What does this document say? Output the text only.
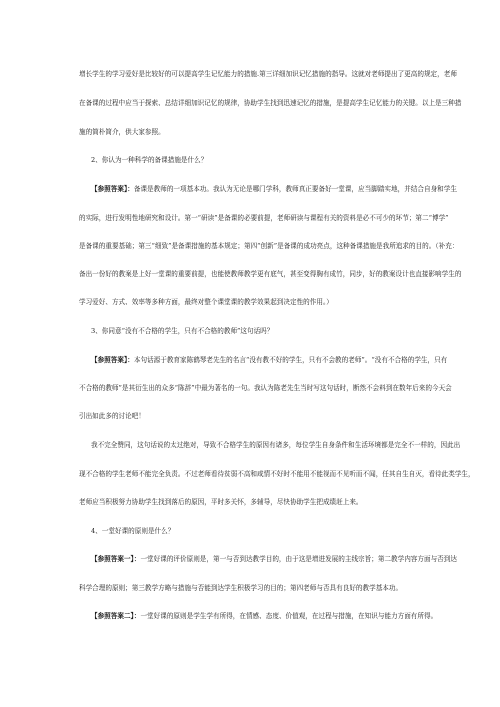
增长学生的学习爱好是比较好的可以提高学生记忆能力的措施.第三详细加识记忆措施的指导。这就对老师提出了更高的规定，老师
在备课的过程中应当于探索、总结详细加识记忆的规律，协助学生找到迅速记忆的措施，是提高学生记忆能力的关键。以上是三种措
施的简朴简介，供大家参照。
2、你认为一种科学的备课措施是什么？
【参照答案】：备课是教师的一项基本功。我认为无论是哪门学科，教师真正要备好一堂课，应当脚踏实地，并结合自身和学生
的实际，进行发明性地研究和设计。第一“研读”是备课的必要前提，老师研读与课程有关的资料是必不可少的环节；第二“博学”
是备课的重要基础；第三“细致”是备课措施的基本规定；第四“创新”是备课的成功亮点，这种备课措施是我所追求的目的。（补充：
备出一份好的教案是上好一堂课的重要前提，也能使教师教学更有底气，甚至变得胸有成竹，同步，好的教案设计也直接影响学生的
学习爱好、方式、效率等多种方面，最终对整个课堂课的教学效果起到决定性的作用。）
3、你同意“没有不合格的学生，只有不合格的教师”这句话吗？
【参照答案】：本句话源于教育家陈鹤琴老先生的名言“没有教不好的学生，只有不会教的老师”。“没有不合格的学生，只有
不合格的教师”是其衍生出的众多“陈辞”中最为著名的一句。我认为陈老先生当时写这句话时，断然不会料到在数年后来的今天会
引出如此多的讨论吧！
我不完全赞同，这句话说的太过绝对，导致不合格学生的原因有诸多，每位学生自身条件和生活环境都是完全不一样的，因此出
现不合格的学生老师不能完全负责。不过老师看待贫弱不高和咸情不好时不能用不能视而不见听而不闻，任其自生自灭，看待此类学生，
老师应当积极努力协助学生找到落后的原因，平时多关怀，多辅导，尽快协助学生把成绩赶上来。
4、一堂好课的原则是什么？
【参照答案一】：一堂好课的评价原则是，第一与否到达教学目的，由于这是增进发展的主线宗旨；第二教学内容方面与否到达
科学合理的原则；第三教学方略与措施与否能到达学生积极学习的目的；第四老师与否具有良好的教学基本功。
【参照答案二】：一堂好课的原则是学生学有所得，在情感、态度、价值观，在过程与措施，在知识与能力方面有所得。
